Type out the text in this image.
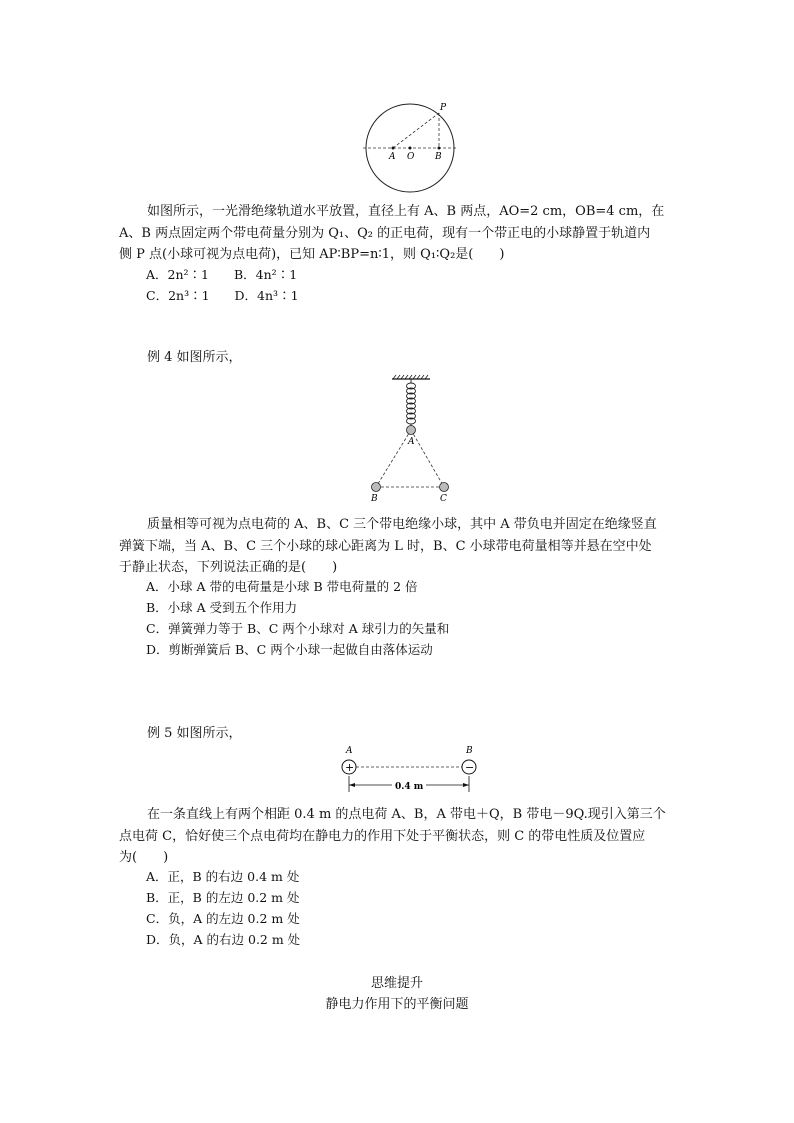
P
A O B
如图所示，一光滑绝缘轨道水平放置，直径上有 A、B 两点，AO=2 cm，OB=4 cm，在
A、B 两点固定两个带电荷量分别为 Q₁、Q₂ 的正电荷，现有一个带正电的小球静置于轨道内
侧 P 点(小球可视为点电荷)，已知 AP∶BP=n∶1，则 Q₁∶Q₂是(　　)
A．2n²∶1　　B．4n²∶1
C．2n³∶1　　D．4n³∶1
例 4 如图所示，
A
B	C
质量相等可视为点电荷的 A、B、C 三个带电绝缘小球，其中 A 带负电并固定在绝缘竖直
弹簧下端，当 A、B、C 三个小球的球心距离为 L 时，B、C 小球带电荷量相等并悬在空中处
于静止状态，下列说法正确的是(　　)
A．小球 A 带的电荷量是小球 B 带电荷量的 2 倍
B．小球 A 受到五个作用力
C．弹簧弹力等于 B、C 两个小球对 A 球引力的矢量和
D．剪断弹簧后 B、C 两个小球一起做自由落体运动
例 5 如图所示，
A	B
+	−
0.4 m
在一条直线上有两个相距 0.4 m 的点电荷 A、B，A 带电＋Q，B 带电－9Q.现引入第三个
点电荷 C，恰好使三个点电荷均在静电力的作用下处于平衡状态，则 C 的带电性质及位置应
为(　　)
A．正，B 的右边 0.4 m 处
B．正，B 的左边 0.2 m 处
C．负，A 的左边 0.2 m 处
D．负，A 的右边 0.2 m 处
思维提升
静电力作用下的平衡问题
